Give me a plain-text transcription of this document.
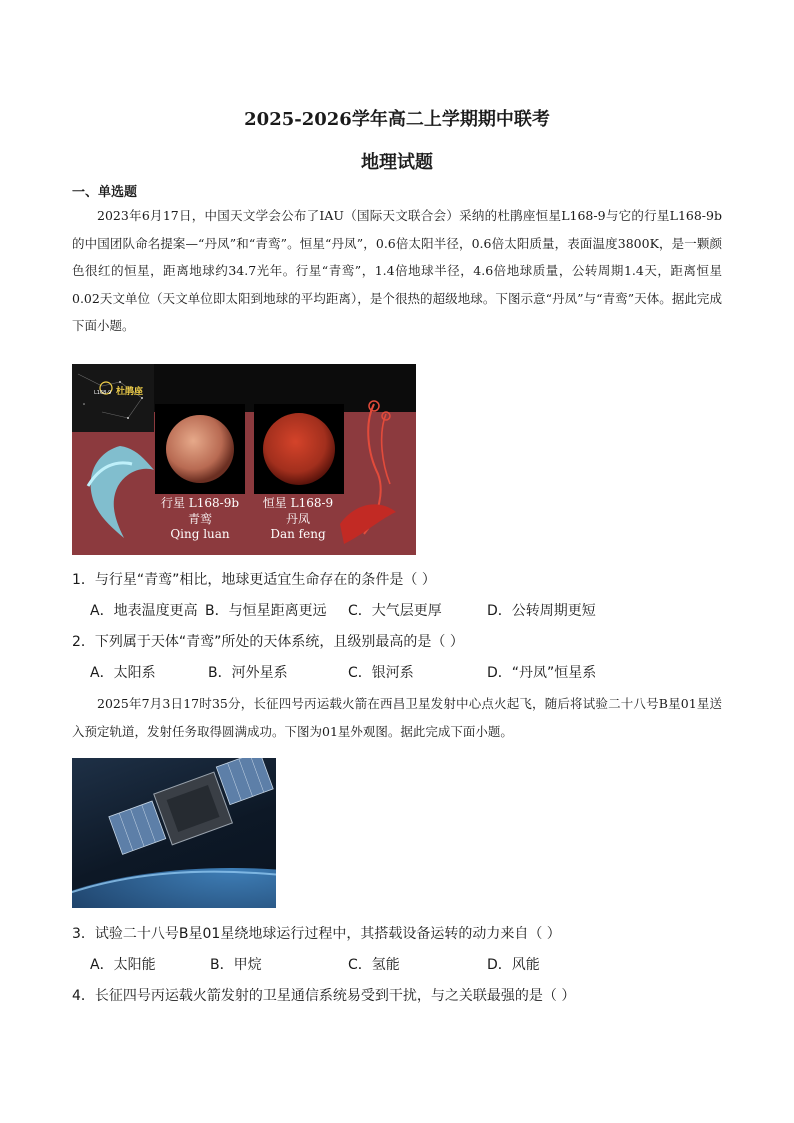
2025-2026学年高二上学期期中联考
地理试题
一、单选题
2023年6月17日，中国天文学会公布了IAU（国际天文联合会）采纳的杜鹃座恒星L168-9与它的行星L168-9b的中国团队命名提案—“丹凤”和“青鸾”。恒星“丹凤”，0.6倍太阳半径，0.6倍太阳质量，表面温度3800K，是一颗颜色很红的恒星，距离地球约34.7光年。行星“青鸾”，1.4倍地球半径，4.6倍地球质量，公转周期1.4天，距离恒星0.02天文单位（天文单位即太阳到地球的平均距离），是个很热的超级地球。下图示意“丹凤”与“青鸾”天体。据此完成下面小题。
L168-9 杜鹃座
行星 L168-9b
青鸾
Qing luan
恒星 L168-9
丹凤
Dan feng
1．与行星“青鸾”相比，地球更适宜生命存在的条件是（ ）
A．地表温度更高 B．与恒星距离更远 C．大气层更厚	D．公转周期更短
2．下列属于天体“青鸾”所处的天体系统，且级别最高的是（ ）
A．太阳系	B．河外星系	C．银河系	D．“丹凤”恒星系
2025年7月3日17时35分，长征四号丙运载火箭在西昌卫星发射中心点火起飞，随后将试验二十八号B星01星送入预定轨道，发射任务取得圆满成功。下图为01星外观图。据此完成下面小题。
3．试验二十八号B星01星绕地球运行过程中，其搭载设备运转的动力来自（ ）
A．太阳能	B．甲烷	C．氢能	D．风能
4．长征四号丙运载火箭发射的卫星通信系统易受到干扰，与之关联最强的是（ ）
